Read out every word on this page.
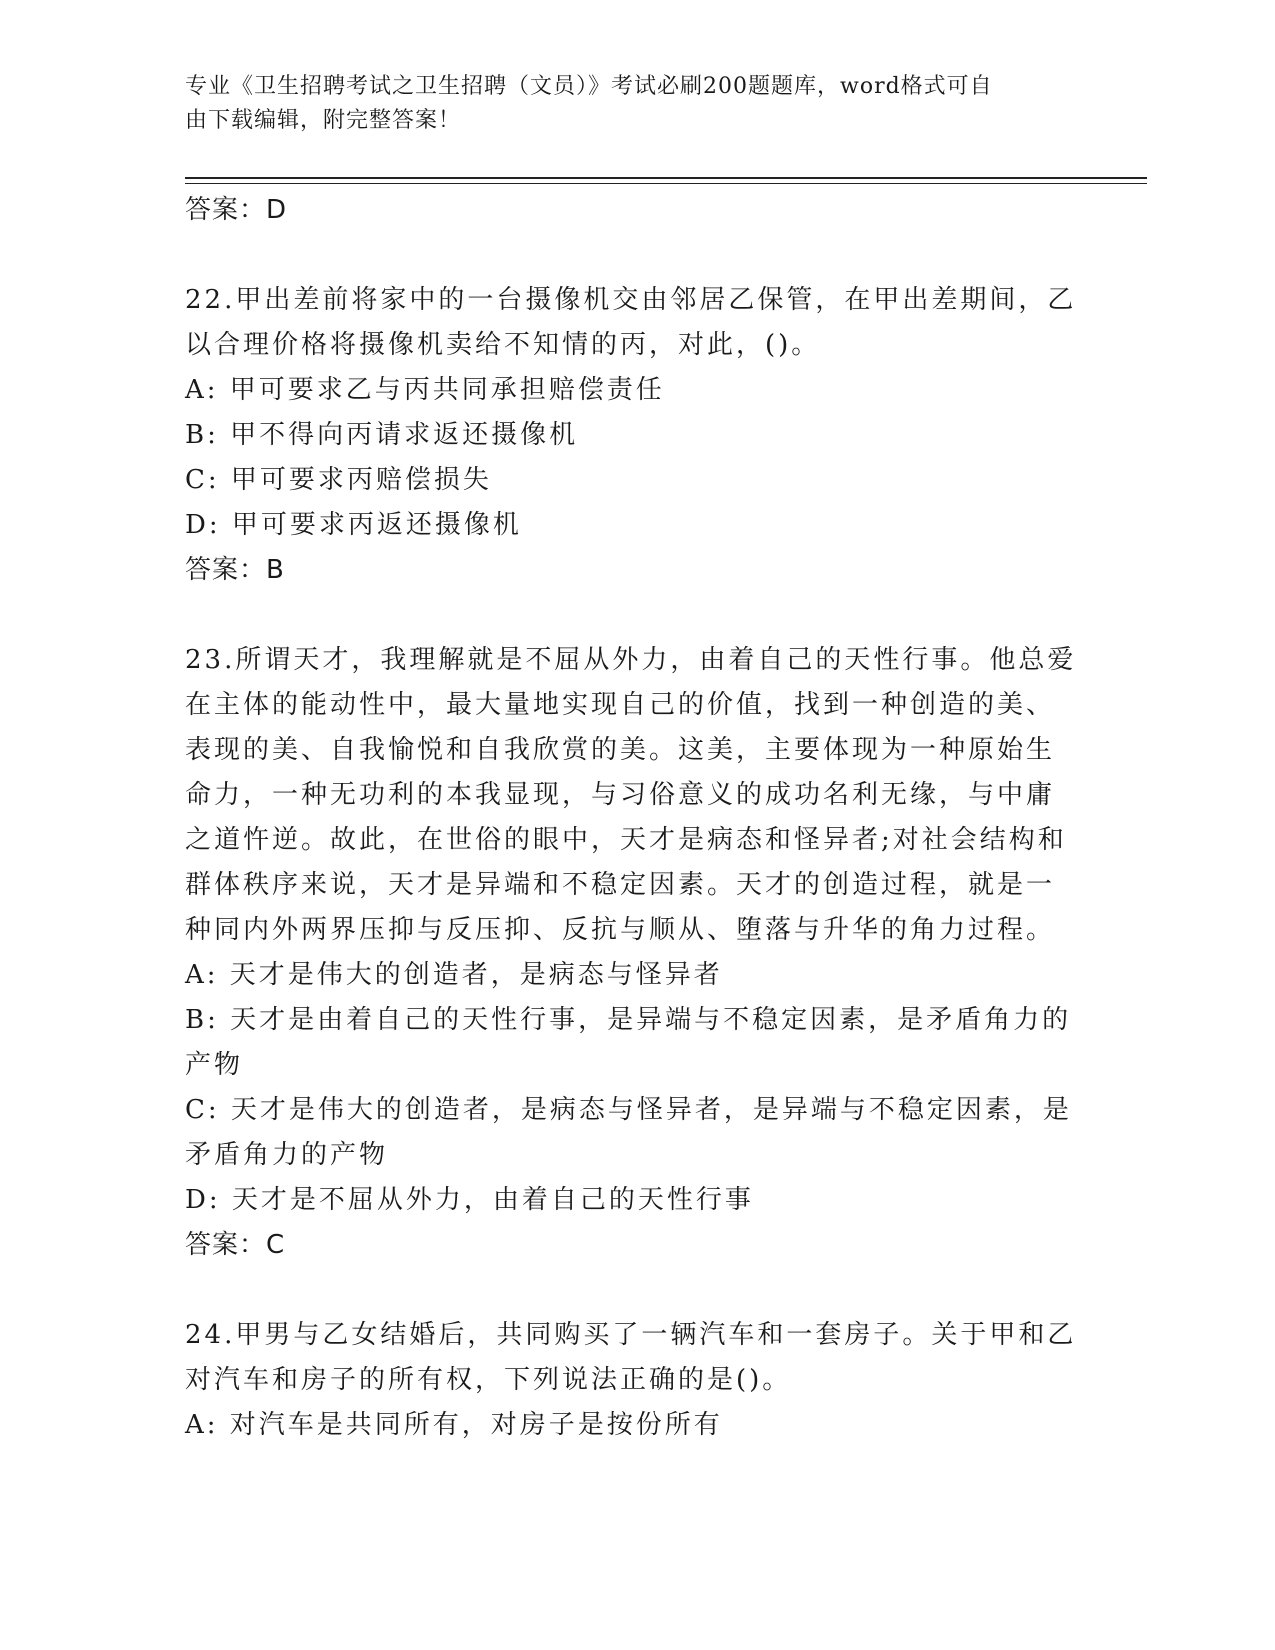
专业《卫生招聘考试之卫生招聘（文员）》考试必刷200题题库，word格式可自
由下载编辑，附完整答案！
答案：D
22.甲出差前将家中的一台摄像机交由邻居乙保管，在甲出差期间，乙
以合理价格将摄像机卖给不知情的丙，对此，()。
A: 甲可要求乙与丙共同承担赔偿责任
B: 甲不得向丙请求返还摄像机
C: 甲可要求丙赔偿损失
D: 甲可要求丙返还摄像机
答案：B
23.所谓天才，我理解就是不屈从外力，由着自己的天性行事。他总爱
在主体的能动性中，最大量地实现自己的价值，找到一种创造的美、
表现的美、自我愉悦和自我欣赏的美。这美，主要体现为一种原始生
命力，一种无功利的本我显现，与习俗意义的成功名利无缘，与中庸
之道忤逆。故此，在世俗的眼中，天才是病态和怪异者;对社会结构和
群体秩序来说，天才是异端和不稳定因素。天才的创造过程，就是一
种同内外两界压抑与反压抑、反抗与顺从、堕落与升华的角力过程。
A: 天才是伟大的创造者，是病态与怪异者
B: 天才是由着自己的天性行事，是异端与不稳定因素，是矛盾角力的
产物
C: 天才是伟大的创造者，是病态与怪异者，是异端与不稳定因素，是
矛盾角力的产物
D: 天才是不屈从外力，由着自己的天性行事
答案：C
24.甲男与乙女结婚后，共同购买了一辆汽车和一套房子。关于甲和乙
对汽车和房子的所有权，下列说法正确的是()。
A: 对汽车是共同所有，对房子是按份所有
